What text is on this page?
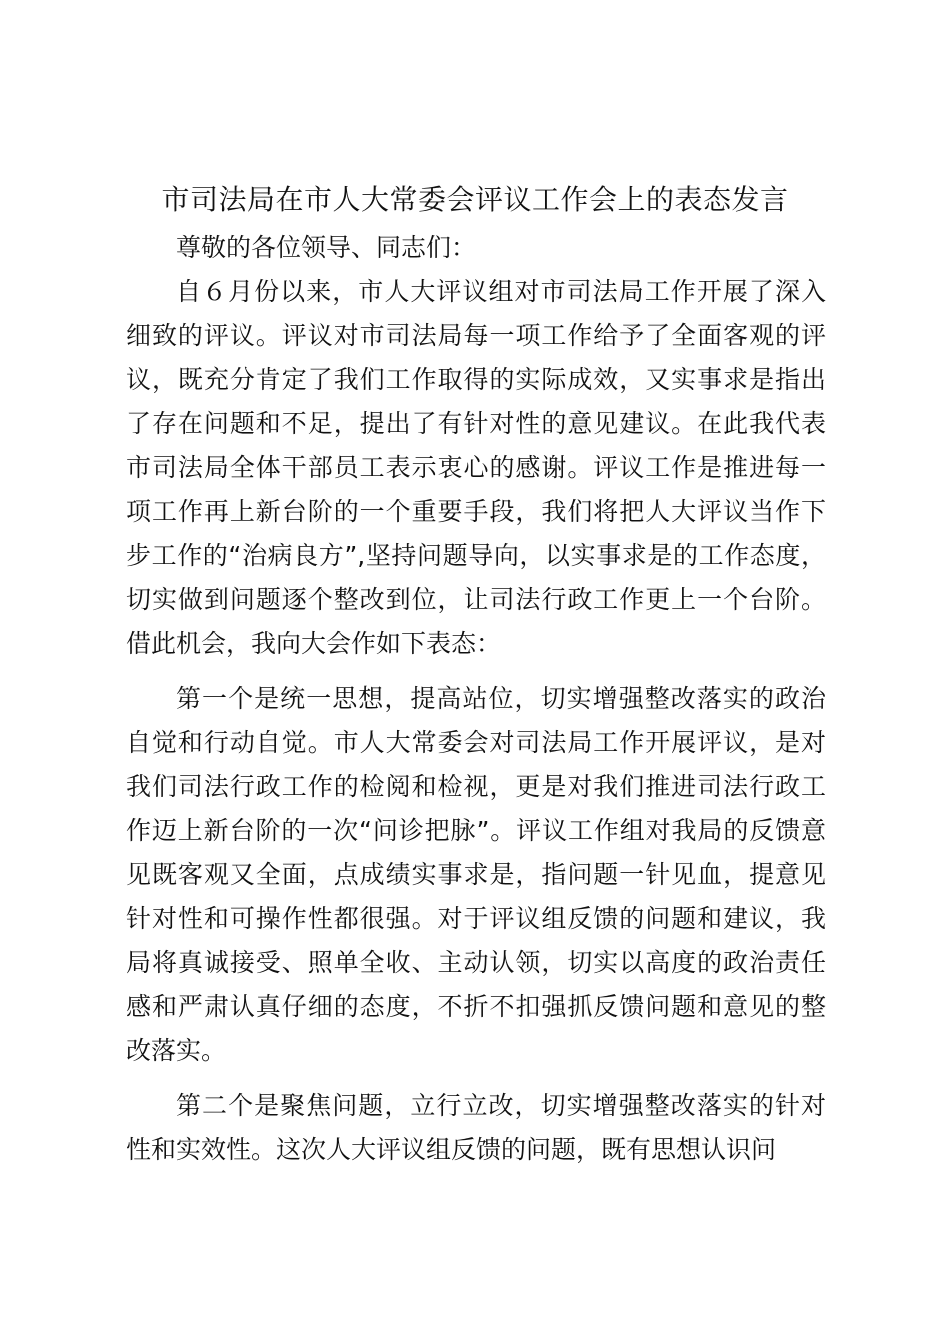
市司法局在市人大常委会评议工作会上的表态发言
尊敬的各位领导、同志们：
自６月份以来，市人大评议组对市司法局工作开展了深入
细致的评议。评议对市司法局每一项工作给予了全面客观的评
议，既充分肯定了我们工作取得的实际成效，又实事求是指出
了存在问题和不足，提出了有针对性的意见建议。在此我代表
市司法局全体干部员工表示衷心的感谢。评议工作是推进每一
项工作再上新台阶的一个重要手段，我们将把人大评议当作下
步工作的“治病良方”,坚持问题导向，以实事求是的工作态度，
切实做到问题逐个整改到位，让司法行政工作更上一个台阶。
借此机会，我向大会作如下表态：
第一个是统一思想，提高站位，切实增强整改落实的政治
自觉和行动自觉。市人大常委会对司法局工作开展评议，是对
我们司法行政工作的检阅和检视，更是对我们推进司法行政工
作迈上新台阶的一次“问诊把脉”。评议工作组对我局的反馈意
见既客观又全面，点成绩实事求是，指问题一针见血，提意见
针对性和可操作性都很强。对于评议组反馈的问题和建议，我
局将真诚接受、照单全收、主动认领，切实以高度的政治责任
感和严肃认真仔细的态度，不折不扣强抓反馈问题和意见的整
改落实。
第二个是聚焦问题，立行立改，切实增强整改落实的针对
性和实效性。这次人大评议组反馈的问题，既有思想认识问
